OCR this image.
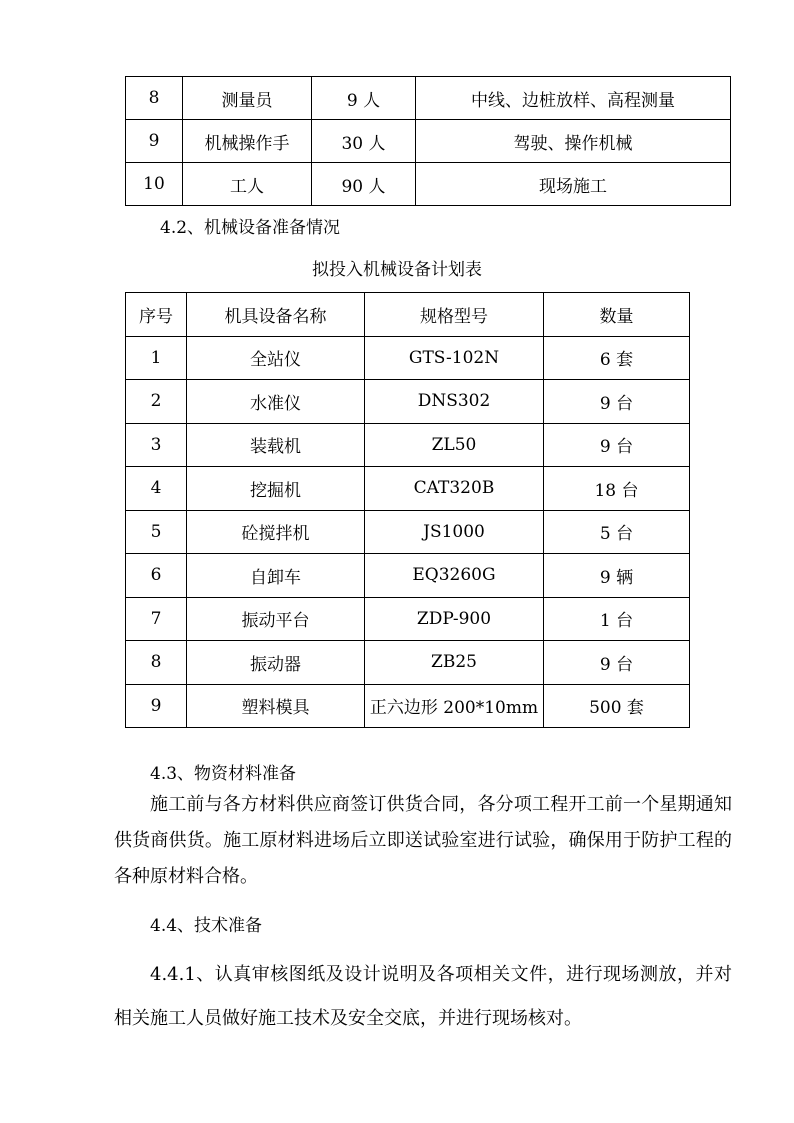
8	测量员	9 人	中线、边桩放样、高程测量
9	机械操作手	30 人	驾驶、操作机械
10	工人	90 人	现场施工
4.2、机械设备准备情况
拟投入机械设备计划表
序号	机具设备名称	规格型号	数量
1	全站仪	GTS-102N	6 套
2	水准仪	DNS302	9 台
3	装载机	ZL50	9 台
4	挖掘机	CAT320B	18 台
5	砼搅拌机	JS1000	5 台
6	自卸车	EQ3260G	9 辆
7	振动平台	ZDP-900	1 台
8	振动器	ZB25	9 台
9	塑料模具	正六边形 200*10mm	500 套
4.3、物资材料准备

施工前与各方材料供应商签订供货合同，各分项工程开工前一个星期通知供货商供货。施工原材料进场后立即送试验室进行试验，确保用于防护工程的各种原材料合格。

4.4、技术准备

4.4.1、认真审核图纸及设计说明及各项相关文件，进行现场测放，并对相关施工人员做好施工技术及安全交底，并进行现场核对。
